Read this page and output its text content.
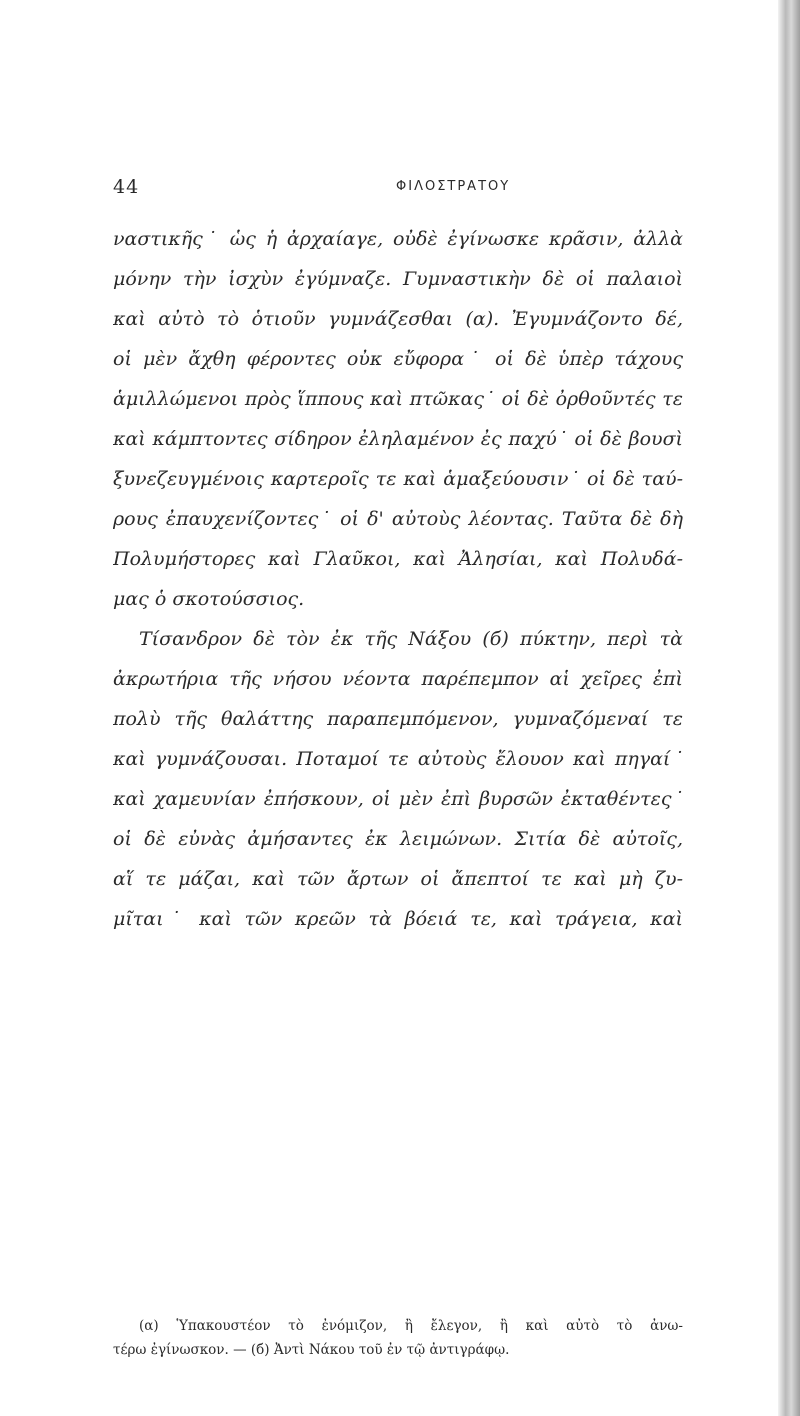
44	ΦΙΛΟΣΤΡΑΤΟΥ
ναστικῆς˙ ὡς ἡ ἀρχαίαγε, οὐδὲ ἐγίνωσκε κρᾶσιν, ἀλλὰ
μόνην τὴν ἰσχὺν ἐγύμναζε. Γυμναστικὴν δὲ οἱ παλαιοὶ
καὶ αὐτὸ τὸ ὁτιοῦν γυμνάζεσθαι (α). Ἐγυμνάζοντο δέ,
οἱ μὲν ἄχθη φέροντες οὐκ εὔφορα˙ οἱ δὲ ὑπὲρ τάχους
ἁμιλλώμενοι πρὸς ἵππους καὶ πτῶκας˙ οἱ δὲ ὀρθοῦντές τε
καὶ κάμπτοντες σίδηρον ἐληλαμένον ἐς παχύ˙ οἱ δὲ βουσὶ
ξυνεζευγμένοις καρτεροῖς τε καὶ ἁμαξεύουσιν˙ οἱ δὲ ταύ-
ρους ἐπαυχενίζοντες˙ οἱ δ' αὐτοὺς λέοντας. Ταῦτα δὲ δὴ
Πολυμήστορες καὶ Γλαῦκοι, καὶ Ἀλησίαι, καὶ Πολυδά-
μας ὁ σκοτούσσιος.
Τίσανδρον δὲ τὸν ἐκ τῆς Νάξου (б) πύκτην, περὶ τὰ
ἀκρωτήρια τῆς νήσου νέοντα παρέπεμπον αἱ χεῖρες ἐπὶ
πολὺ τῆς θαλάττης παραπεμπόμενον, γυμναζόμεναί τε
καὶ γυμνάζουσαι. Ποταμοί τε αὐτοὺς ἔλουον καὶ πηγαί˙
καὶ χαμευνίαν ἐπήσκουν, οἱ μὲν ἐπὶ βυρσῶν ἐκταθέντες˙
οἱ δὲ εὐνὰς ἀμήσαντες ἐκ λειμώνων. Σιτία δὲ αὐτοῖς,
αἵ τε μάζαι, καὶ τῶν ἄρτων οἱ ἄπεπτοί τε καὶ μὴ ζυ-
μῖται˙ καὶ τῶν κρεῶν τὰ βόειά τε, καὶ τράγεια, καὶ
(α) Ὑπακουστέον τὸ ἐνόμιζον, ἢ ἔλεγον, ἢ καὶ αὐτὸ τὸ ἀνω-
τέρω ἐγίνωσκον. — (б) Ἀντὶ Νάκου τοῦ ἐν τῷ ἀντιγράφῳ.
